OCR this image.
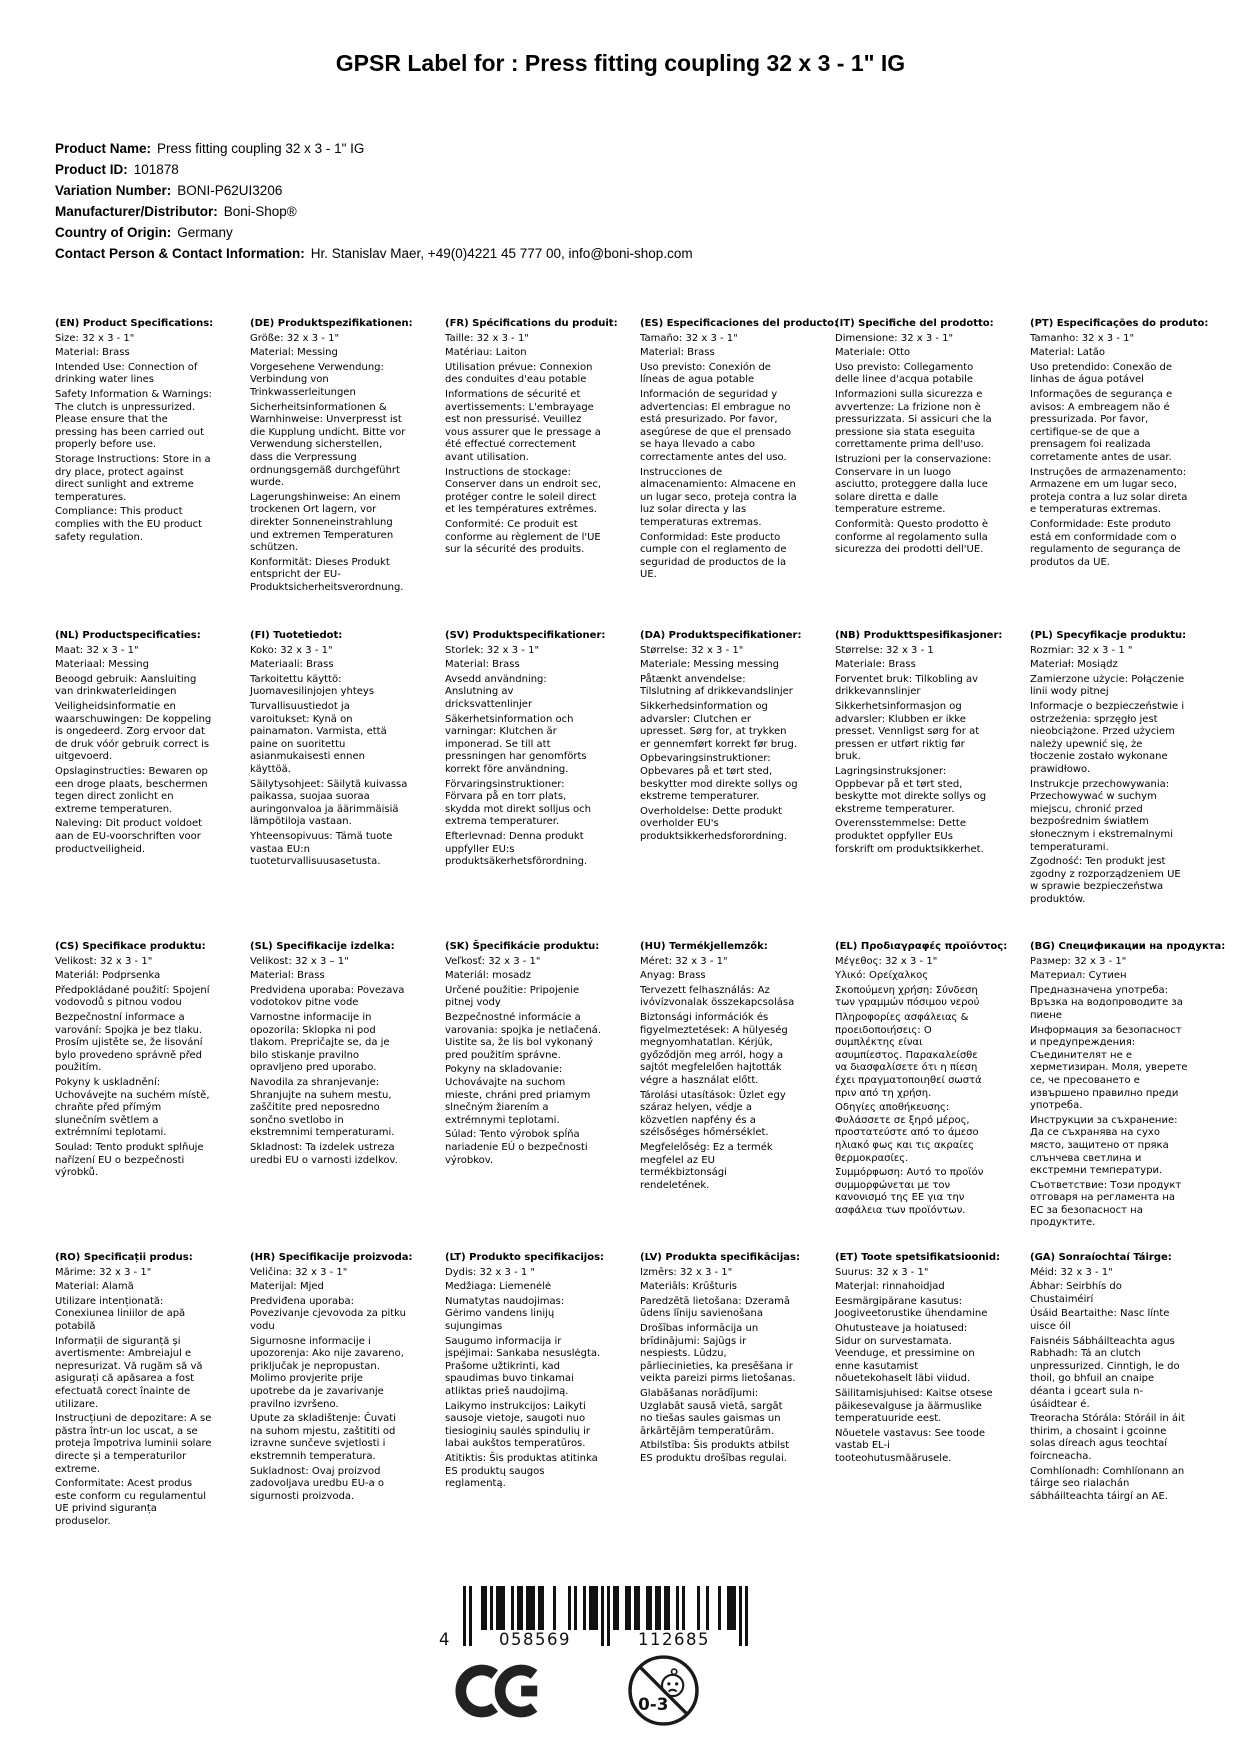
GPSR Label for : Press fitting coupling 32 x 3 - 1" IG
Product Name: Press fitting coupling 32 x 3 - 1" IG
Product ID: 101878
Variation Number: BONI-P62UI3206
Manufacturer/Distributor: Boni-Shop®
Country of Origin: Germany
Contact Person & Contact Information: Hr. Stanislav Maer, +49(0)4221 45 777 00, info@boni-shop.com
(EN) Product Specifications:

Size: 32 x 3 - 1"

Material: Brass

Intended Use: Connection of drinking water lines

Safety Information & Warnings: The clutch is unpressurized. Please ensure that the pressing has been carried out properly before use.

Storage Instructions: Store in a dry place, protect against direct sunlight and extreme temperatures.

Compliance: This product complies with the EU product safety regulation.

(DE) Produktspezifikationen:

Größe: 32 x 3 - 1"

Material: Messing

Vorgesehene Verwendung: Verbindung von Trinkwasserleitungen

Sicherheitsinformationen & Warnhinweise: Unverpresst ist die Kupplung undicht. Bitte vor Verwendung sicherstellen, dass die Verpressung ordnungsgemäß durchgeführt wurde.

Lagerungshinweise: An einem trockenen Ort lagern, vor direkter Sonneneinstrahlung und extremen Temperaturen schützen.

Konformität: Dieses Produkt entspricht der EU-Produktsicherheitsverordnung.

(FR) Spécifications du produit:

Taille: 32 x 3 - 1"

Matériau: Laiton

Utilisation prévue: Connexion des conduites d'eau potable

Informations de sécurité et avertissements: L'embrayage est non pressurisé. Veuillez vous assurer que le pressage a été effectué correctement avant utilisation.

Instructions de stockage: Conserver dans un endroit sec, protéger contre le soleil direct et les températures extrêmes.

Conformité: Ce produit est conforme au règlement de l'UE sur la sécurité des produits.

(ES) Especificaciones del producto:

Tamaño: 32 x 3 - 1"

Material: Brass

Uso previsto: Conexión de líneas de agua potable

Información de seguridad y advertencias: El embrague no está presurizado. Por favor, asegúrese de que el prensado se haya llevado a cabo correctamente antes del uso.

Instrucciones de almacenamiento: Almacene en un lugar seco, proteja contra la luz solar directa y las temperaturas extremas.

Conformidad: Este producto cumple con el reglamento de seguridad de productos de la UE.

(IT) Specifiche del prodotto:

Dimensione: 32 x 3 - 1"

Materiale: Otto

Uso previsto: Collegamento delle linee d'acqua potabile

Informazioni sulla sicurezza e avvertenze: La frizione non è pressurizzata. Si assicuri che la pressione sia stata eseguita correttamente prima dell'uso.

Istruzioni per la conservazione: Conservare in un luogo asciutto, proteggere dalla luce solare diretta e dalle temperature estreme.

Conformità: Questo prodotto è conforme al regolamento sulla sicurezza dei prodotti dell'UE.

(PT) Especificações do produto:

Tamanho: 32 x 3 - 1"

Material: Latão

Uso pretendido: Conexão de linhas de água potável

Informações de segurança e avisos: A embreagem não é pressurizada. Por favor, certifique-se de que a prensagem foi realizada corretamente antes de usar.

Instruções de armazenamento: Armazene em um lugar seco, proteja contra a luz solar direta e temperaturas extremas.

Conformidade: Este produto está em conformidade com o regulamento de segurança de produtos da UE.

(NL) Productspecificaties:

Maat: 32 x 3 - 1"

Materiaal: Messing

Beoogd gebruik: Aansluiting van drinkwaterleidingen

Veiligheidsinformatie en waarschuwingen: De koppeling is ongedeerd. Zorg ervoor dat de druk vóór gebruik correct is uitgevoerd.

Opslaginstructies: Bewaren op een droge plaats, beschermen tegen direct zonlicht en extreme temperaturen.

Naleving: Dit product voldoet aan de EU-voorschriften voor productveiligheid.

(FI) Tuotetiedot:

Koko: 32 x 3 - 1"

Materiaali: Brass

Tarkoitettu käyttö: Juomavesilinjojen yhteys

Turvallisuustiedot ja varoitukset: Kynä on painamaton. Varmista, että paine on suoritettu asianmukaisesti ennen käyttöä.

Säilytysohjeet: Säilytä kuivassa paikassa, suojaa suoraa auringonvaloa ja äärimmäisiä lämpötiloja vastaan.

Yhteensopivuus: Tämä tuote vastaa EU:n tuoteturvallisuusasetusta.

(SV) Produktspecifikationer:

Storlek: 32 x 3 - 1"

Material: Brass

Avsedd användning: Anslutning av dricksvattenlinjer

Säkerhetsinformation och varningar: Klutchen är imponerad. Se till att pressningen har genomförts korrekt före användning.

Förvaringsinstruktioner: Förvara på en torr plats, skydda mot direkt solljus och extrema temperaturer.

Efterlevnad: Denna produkt uppfyller EU:s produktsäkerhetsförordning.

(DA) Produktspecifikationer:

Størrelse: 32 x 3 - 1"

Materiale: Messing messing

Påtænkt anvendelse: Tilslutning af drikkevandslinjer

Sikkerhedsinformation og advarsler: Clutchen er upresset. Sørg for, at trykken er gennemført korrekt før brug.

Opbevaringsinstruktioner: Opbevares på et tørt sted, beskytter mod direkte sollys og ekstreme temperaturer.

Overholdelse: Dette produkt overholder EU's produktsikkerhedsforordning.

(NB) Produkttspesifikasjoner:

Størrelse: 32 x 3 - 1

Materiale: Brass

Forventet bruk: Tilkobling av drikkevannslinjer

Sikkerhetsinformasjon og advarsler: Klubben er ikke presset. Vennligst sørg for at pressen er utført riktig før bruk.

Lagringsinstruksjoner: Oppbevar på et tørt sted, beskytte mot direkte sollys og ekstreme temperaturer.

Overensstemmelse: Dette produktet oppfyller EUs forskrift om produktsikkerhet.

(PL) Specyfikacje produktu:

Rozmiar: 32 x 3 - 1 "

Materiał: Mosiądz

Zamierzone użycie: Połączenie linii wody pitnej

Informacje o bezpieczeństwie i ostrzeżenia: sprzęgło jest nieobciążone. Przed użyciem należy upewnić się, że tłoczenie zostało wykonane prawidłowo.

Instrukcje przechowywania: Przechowywać w suchym miejscu, chronić przed bezpośrednim światłem słonecznym i ekstremalnymi temperaturami.

Zgodność: Ten produkt jest zgodny z rozporządzeniem UE w sprawie bezpieczeństwa produktów.

(CS) Specifikace produktu:

Velikost: 32 x 3 - 1"

Materiál: Podprsenka

Předpokládané použití: Spojení vodovodů s pitnou vodou

Bezpečnostní informace a varování: Spojka je bez tlaku. Prosím ujistěte se, že lisování bylo provedeno správně před použitím.

Pokyny k uskladnění: Uchovávejte na suchém místě, chraňte před přímým slunečním světlem a extrémními teplotami.

Soulad: Tento produkt splňuje nařízení EU o bezpečnosti výrobků.

(SL) Specifikacije izdelka:

Velikost: 32 x 3 – 1"

Material: Brass

Predvidena uporaba: Povezava vodotokov pitne vode

Varnostne informacije in opozorila: Sklopka ni pod tlakom. Prepričajte se, da je bilo stiskanje pravilno opravljeno pred uporabo.

Navodila za shranjevanje: Shranjujte na suhem mestu, zaščitite pred neposredno sončno svetlobo in ekstremnimi temperaturami.

Skladnost: Ta izdelek ustreza uredbi EU o varnosti izdelkov.

(SK) Špecifikácie produktu:

Veľkosť: 32 x 3 - 1"

Materiál: mosadz

Určené použitie: Pripojenie pitnej vody

Bezpečnostné informácie a varovania: spojka je netlačená. Uistite sa, že lis bol vykonaný pred použitím správne.

Pokyny na skladovanie: Uchovávajte na suchom mieste, chráni pred priamym slnečným žiarením a extrémnymi teplotami.

Súlad: Tento výrobok spĺňa nariadenie EÚ o bezpečnosti výrobkov.

(HU) Termékjellemzők:

Méret: 32 x 3 - 1"

Anyag: Brass

Tervezett felhasználás: Az ivóvízvonalak összekapcsolása

Biztonsági információk és figyelmeztetések: A hülyeség megnyomhatatlan. Kérjük, győződjön meg arról, hogy a sajtót megfelelően hajtották végre a használat előtt.

Tárolási utasítások: Üzlet egy száraz helyen, védje a közvetlen napfény és a szélsőséges hőmérséklet.

Megfelelőség: Ez a termék megfelel az EU termékbiztonsági rendeletének.

(EL) Προδιαγραφές προϊόντος:

Μέγεθος: 32 x 3 - 1"

Υλικό: Ορείχαλκος

Σκοπούμενη χρήση: Σύνδεση των γραμμών πόσιμου νερού

Πληροφορίες ασφάλειας & προειδοποιήσεις: Ο συμπλέκτης είναι ασυμπίεστος. Παρακαλείσθε να διασφαλίσετε ότι η πίεση έχει πραγματοποιηθεί σωστά πριν από τη χρήση.

Οδηγίες αποθήκευσης: Φυλάσσετε σε ξηρό μέρος, προστατεύστε από το άμεσο ηλιακό φως και τις ακραίες θερμοκρασίες.

Συμμόρφωση: Αυτό το προϊόν συμμορφώνεται με τον κανονισμό της ΕΕ για την ασφάλεια των προϊόντων.

(BG) Спецификации на продукта:

Размер: 32 x 3 - 1"

Материал: Сутиен

Предназначена употреба: Връзка на водопроводите за пиене

Информация за безопасност и предупреждения: Съединителят не е херметизиран. Моля, уверете се, че пресоването е извършено правилно преди употреба.

Инструкции за съхранение: Да се съхранява на сухо място, защитено от пряка слънчева светлина и екстремни температури.

Съответствие: Този продукт отговаря на регламента на ЕС за безопасност на продуктите.

(RO) Specificații produs:

Mărime: 32 x 3 - 1"

Material: Alamă

Utilizare intenționată: Conexiunea liniilor de apă potabilă

Informații de siguranță și avertismente: Ambreiajul e nepresurizat. Vă rugăm să vă asigurați că apăsarea a fost efectuată corect înainte de utilizare.

Instrucțiuni de depozitare: A se păstra într-un loc uscat, a se proteja împotriva luminii solare directe și a temperaturilor extreme.

Conformitate: Acest produs este conform cu regulamentul UE privind siguranța produselor.

(HR) Specifikacije proizvoda:

Veličina: 32 x 3 - 1"

Materijal: Mjed

Predviđena uporaba: Povezivanje cjevovoda za pitku vodu

Sigurnosne informacije i upozorenja: Ako nije zavareno, priključak je nepropustan. Molimo provjerite prije upotrebe da je zavarivanje pravilno izvršeno.

Upute za skladištenje: Čuvati na suhom mjestu, zaštititi od izravne sunčeve svjetlosti i ekstremnih temperatura.

Sukladnost: Ovaj proizvod zadovoljava uredbu EU-a o sigurnosti proizvoda.

(LT) Produkto specifikacijos:

Dydis: 32 x 3 - 1 "

Medžiaga: Liemenėlė

Numatytas naudojimas: Gėrimo vandens linijų sujungimas

Saugumo informacija ir įspėjimai: Sankaba nesuslėgta. Prašome užtikrinti, kad spaudimas buvo tinkamai atliktas prieš naudojimą.

Laikymo instrukcijos: Laikyti sausoje vietoje, saugoti nuo tiesioginių saulės spindulių ir labai aukštos temperatūros.

Atitiktis: Šis produktas atitinka ES produktų saugos reglamentą.

(LV) Produkta specifikācijas:

Izmērs: 32 x 3 - 1"

Materiāls: Krūšturis

Paredzētā lietošana: Dzeramā ūdens līniju savienošana

Drošības informācija un brīdinājumi: Sajūgs ir nespiests. Lūdzu, pārliecinieties, ka presēšana ir veikta pareizi pirms lietošanas.

Glabāšanas norādījumi: Uzglabāt sausā vietā, sargāt no tiešas saules gaismas un ārkārtējām temperatūrām.

Atbilstība: Šis produkts atbilst ES produktu drošības regulai.

(ET) Toote spetsifikatsioonid:

Suurus: 32 x 3 - 1"

Materjal: rinnahoidjad

Eesmärgipärane kasutus: Joogiveetorustike ühendamine

Ohutusteave ja hoiatused: Sidur on survestamata. Veenduge, et pressimine on enne kasutamist nõuetekohaselt läbi viidud.

Säilitamisjuhised: Kaitse otsese päikesevalguse ja äärmuslike temperatuuride eest.

Nõuetele vastavus: See toode vastab EL-i tooteohutusmäärusele.

(GA) Sonraíochtaí Táirge:

Méid: 32 x 3 - 1"

Ábhar: Seirbhís do Chustaiméirí

Úsáid Beartaithe: Nasc línte uisce óil

Faisnéis Sábháilteachta agus Rabhadh: Tá an clutch unpressurized. Cinntigh, le do thoil, go bhfuil an cnaipe déanta i gceart sula n-úsáidtear é.

Treoracha Stórála: Stóráil in áit thirim, a chosaint i gcoinne solas díreach agus teochtaí foircneacha.

Comhlíonadh: Comhlíonann an táirge seo rialachán sábháilteachta táirgí an AE.

4	058569	112685
0-3
